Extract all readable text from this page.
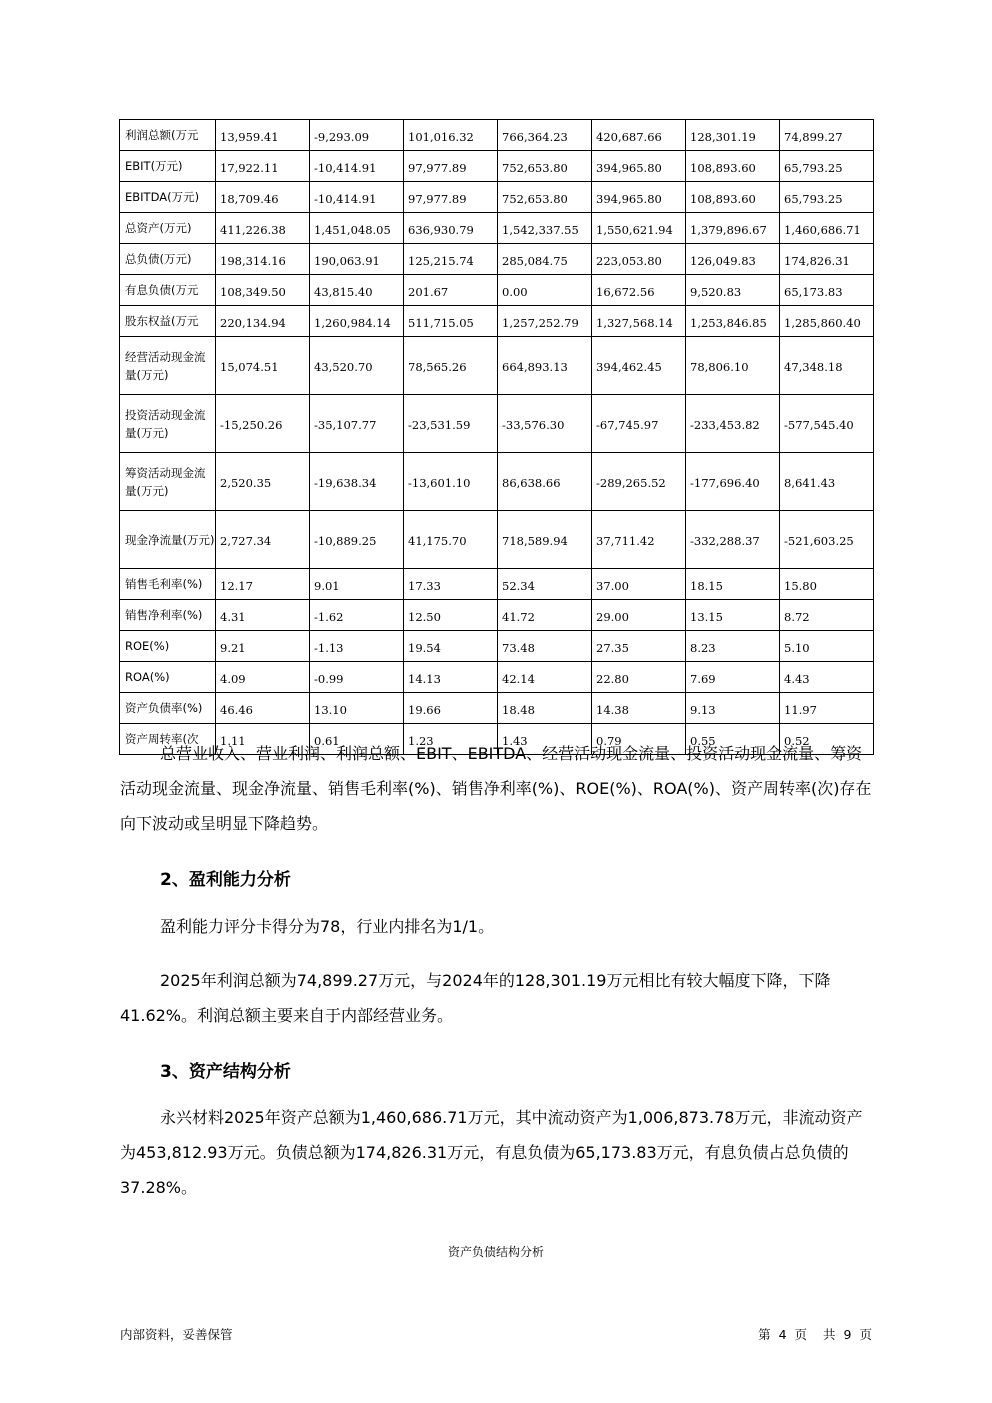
利润总额(万元	13,959.41	-9,293.09	101,016.32	766,364.23	420,687.66	128,301.19	74,899.27
EBIT(万元)	17,922.11	-10,414.91	97,977.89	752,653.80	394,965.80	108,893.60	65,793.25
EBITDA(万元)	18,709.46	-10,414.91	97,977.89	752,653.80	394,965.80	108,893.60	65,793.25
总资产(万元)	411,226.38	1,451,048.05	636,930.79	1,542,337.55	1,550,621.94	1,379,896.67	1,460,686.71
总负债(万元)	198,314.16	190,063.91	125,215.74	285,084.75	223,053.80	126,049.83	174,826.31
有息负债(万元	108,349.50	43,815.40	201.67	0.00	16,672.56	9,520.83	65,173.83
股东权益(万元	220,134.94	1,260,984.14	511,715.05	1,257,252.79	1,327,568.14	1,253,846.85	1,285,860.40
经营活动现金流量(万元)	15,074.51	43,520.70	78,565.26	664,893.13	394,462.45	78,806.10	47,348.18
投资活动现金流量(万元)	-15,250.26	-35,107.77	-23,531.59	-33,576.30	-67,745.97	-233,453.82	-577,545.40
筹资活动现金流量(万元)	2,520.35	-19,638.34	-13,601.10	86,638.66	-289,265.52	-177,696.40	8,641.43
现金净流量(万元)	2,727.34	-10,889.25	41,175.70	718,589.94	37,711.42	-332,288.37	-521,603.25
销售毛利率(%)	12.17	9.01	17.33	52.34	37.00	18.15	15.80
销售净利率(%)	4.31	-1.62	12.50	41.72	29.00	13.15	8.72
ROE(%)	9.21	-1.13	19.54	73.48	27.35	8.23	5.10
ROA(%)	4.09	-0.99	14.13	42.14	22.80	7.69	4.43
资产负债率(%)	46.46	13.10	19.66	18.48	14.38	9.13	11.97
资产周转率(次	1.11	0.61	1.23	1.43	0.79	0.55	0.52

总营业收入、营业利润、利润总额、EBIT、EBITDA、经营活动现金流量、投资活动现金流量、筹资活动现金流量、现金净流量、销售毛利率(%)、销售净利率(%)、ROE(%)、ROA(%)、资产周转率(次)存在向下波动或呈明显下降趋势。

2、盈利能力分析

盈利能力评分卡得分为78，行业内排名为1/1。

2025年利润总额为74,899.27万元，与2024年的128,301.19万元相比有较大幅度下降，下降41.62%。利润总额主要来自于内部经营业务。

3、资产结构分析

永兴材料2025年资产总额为1,460,686.71万元，其中流动资产为1,006,873.78万元，非流动资产为453,812.93万元。负债总额为174,826.31万元，有息负债为65,173.83万元，有息负债占总负债的37.28%。

资产负债结构分析

内部资料，妥善保管	第 4 页 共 9 页
